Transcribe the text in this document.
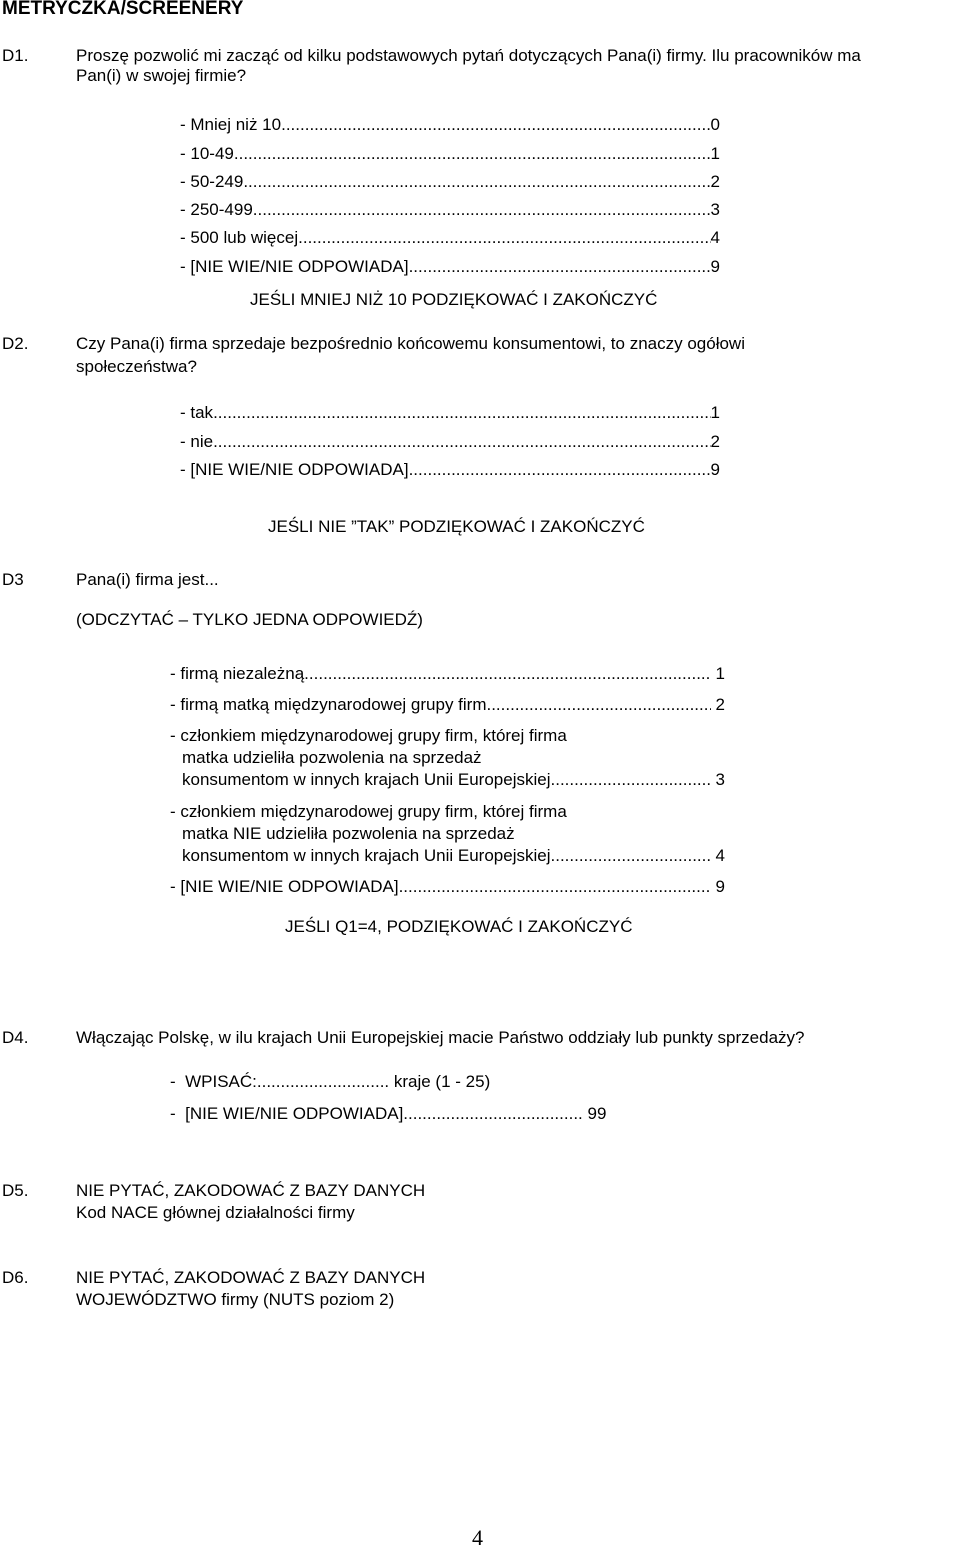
METRYCZKA/SCREENERY
D1.	Proszę pozwolić mi zacząć od kilku podstawowych pytań dotyczących Pana(i) firmy. Ilu pracowników ma
Pan(i) w swojej firmie?
- Mniej niż 10 .....	0
- 10-49 .....	1
- 50-249 .....	2
- 250-499 .....	3
- 500 lub więcej .....	4
- [NIE WIE/NIE ODPOWIADA] .....	9
JEŚLI MNIEJ NIŻ 10 PODZIĘKOWAĆ I ZAKOŃCZYĆ
D2.	Czy Pana(i) firma sprzedaje bezpośrednio końcowemu konsumentowi, to znaczy ogółowi
społeczeństwa?
- tak .....	1
- nie .....	2
- [NIE WIE/NIE ODPOWIADA] .....	9
JEŚLI NIE ”TAK” PODZIĘKOWAĆ I ZAKOŃCZYĆ
D3	Pana(i) firma jest...
(ODCZYTAĆ – TYLKO JEDNA ODPOWIEDŹ)
- firmą niezależną .....	1
- firmą matką międzynarodowej grupy firm .....	2
- członkiem międzynarodowej grupy firm, której firma
matka udzieliła pozwolenia na sprzedaż
konsumentom w innych krajach Unii Europejskiej .....	3
- członkiem międzynarodowej grupy firm, której firma
matka NIE udzieliła pozwolenia na sprzedaż
konsumentom w innych krajach Unii Europejskiej .....	4
- [NIE WIE/NIE ODPOWIADA] .....	9
JEŚLI Q1=4, PODZIĘKOWAĆ I ZAKOŃCZYĆ
D4.	Włączając Polskę, w ilu krajach Unii Europejskiej macie Państwo oddziały lub punkty sprzedaży?
-  WPISAĆ:............................ kraje (1 - 25)
-  [NIE WIE/NIE ODPOWIADA]...................................... 99
D5.	NIE PYTAĆ, ZAKODOWAĆ Z BAZY DANYCH
Kod NACE głównej działalności firmy
D6.	NIE PYTAĆ, ZAKODOWAĆ Z BAZY DANYCH
WOJEWÓDZTWO firmy (NUTS poziom 2)
4
